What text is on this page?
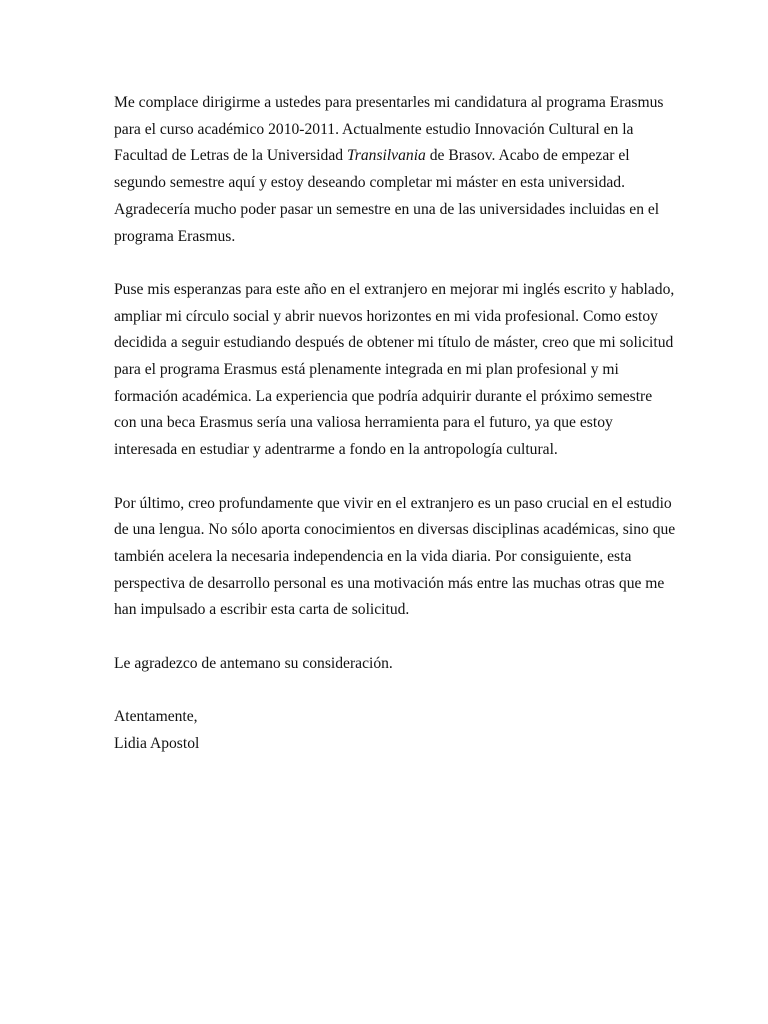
Me complace dirigirme a ustedes para presentarles mi candidatura al programa Erasmus
para el curso académico 2010-2011. Actualmente estudio Innovación Cultural en la
Facultad de Letras de la Universidad Transilvania de Brasov. Acabo de empezar el
segundo semestre aquí y estoy deseando completar mi máster en esta universidad.
Agradecería mucho poder pasar un semestre en una de las universidades incluidas en el
programa Erasmus.
Puse mis esperanzas para este año en el extranjero en mejorar mi inglés escrito y hablado,
ampliar mi círculo social y abrir nuevos horizontes en mi vida profesional. Como estoy
decidida a seguir estudiando después de obtener mi título de máster, creo que mi solicitud
para el programa Erasmus está plenamente integrada en mi plan profesional y mi
formación académica. La experiencia que podría adquirir durante el próximo semestre
con una beca Erasmus sería una valiosa herramienta para el futuro, ya que estoy
interesada en estudiar y adentrarme a fondo en la antropología cultural.
Por último, creo profundamente que vivir en el extranjero es un paso crucial en el estudio
de una lengua. No sólo aporta conocimientos en diversas disciplinas académicas, sino que
también acelera la necesaria independencia en la vida diaria. Por consiguiente, esta
perspectiva de desarrollo personal es una motivación más entre las muchas otras que me
han impulsado a escribir esta carta de solicitud.
Le agradezco de antemano su consideración.
Atentamente,
Lidia Apostol
